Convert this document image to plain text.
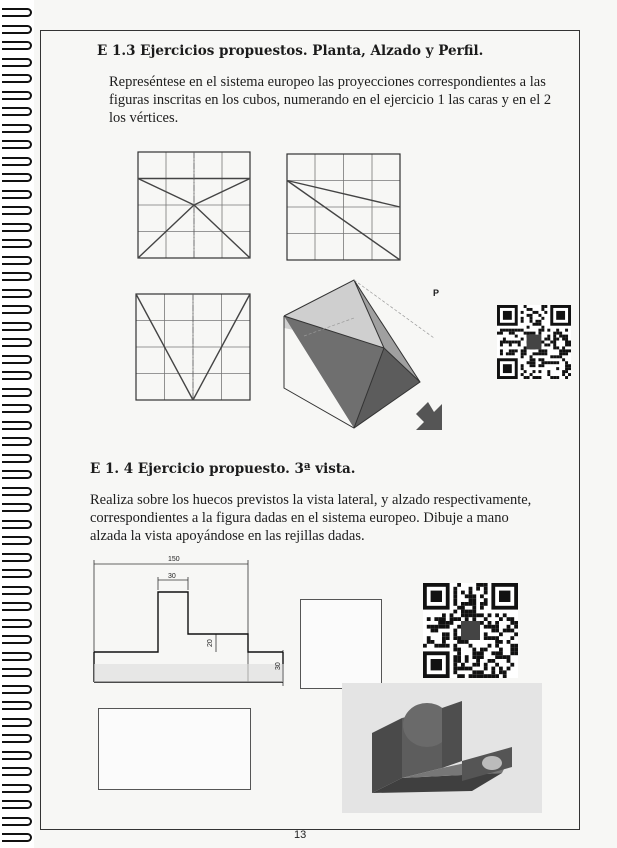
E 1.3 Ejercicios propuestos. Planta, Alzado y Perfil.
Represéntese en el sistema europeo las proyecciones correspondientes a las
figuras inscritas en los cubos, numerando en el ejercicio 1 las caras y en el 2
los vértices.
P
E 1. 4 Ejercicio propuesto. 3ª vista.
Realiza sobre los huecos previstos la vista lateral, y alzado respectivamente,
correspondientes a la figura dadas en el sistema europeo. Dibuje a mano
alzada la vista apoyándose en las rejillas dadas.
150
30
20
30
13
